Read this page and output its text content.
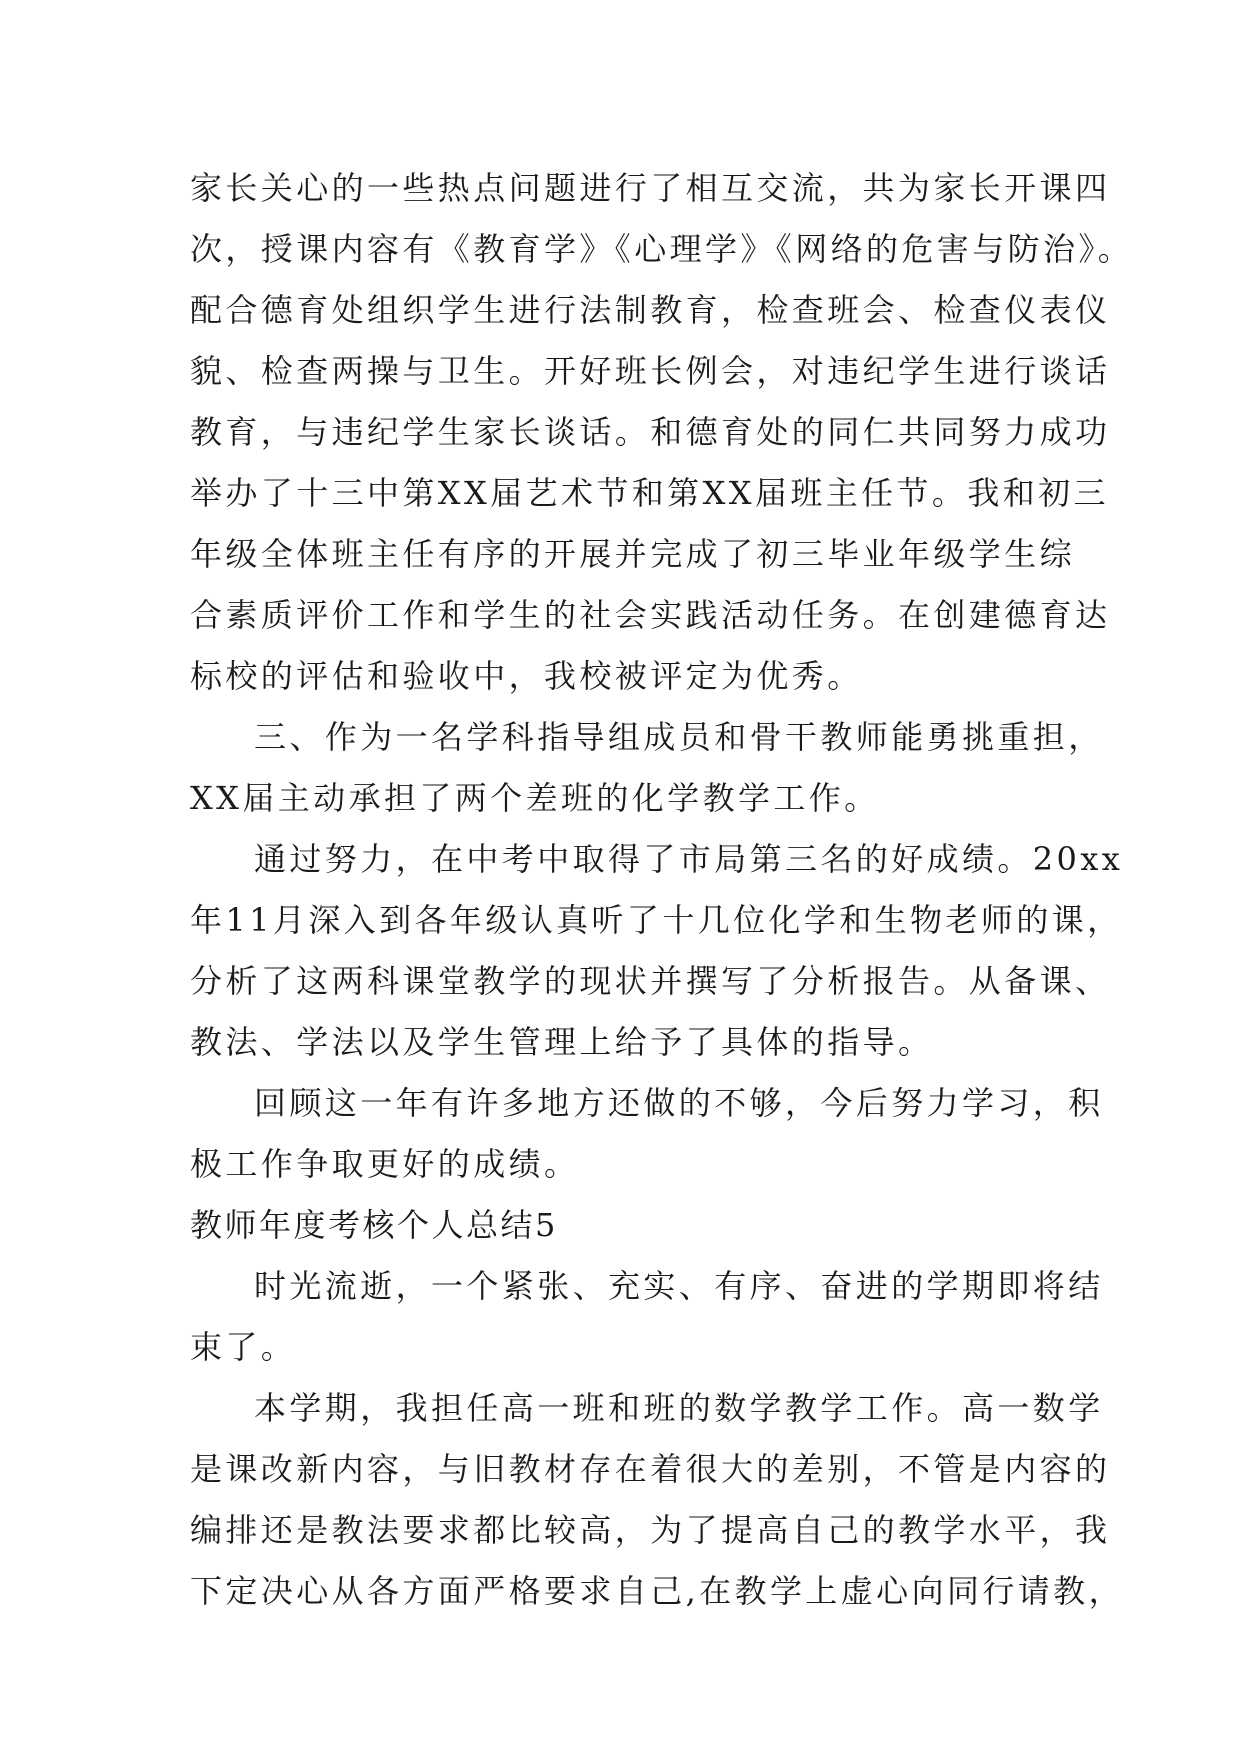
家长关心的一些热点问题进行了相互交流，共为家长开课四
次，授课内容有《教育学》《心理学》《网络的危害与防治》。
配合德育处组织学生进行法制教育，检查班会、检查仪表仪
貌、检查两操与卫生。开好班长例会，对违纪学生进行谈话
教育，与违纪学生家长谈话。和德育处的同仁共同努力成功
举办了十三中第XX届艺术节和第XX届班主任节。我和初三
年级全体班主任有序的开展并完成了初三毕业年级学生综
合素质评价工作和学生的社会实践活动任务。在创建德育达
标校的评估和验收中，我校被评定为优秀。
三、作为一名学科指导组成员和骨干教师能勇挑重担，
XX届主动承担了两个差班的化学教学工作。
通过努力，在中考中取得了市局第三名的好成绩。20xx
年11月深入到各年级认真听了十几位化学和生物老师的课，
分析了这两科课堂教学的现状并撰写了分析报告。从备课、
教法、学法以及学生管理上给予了具体的指导。
回顾这一年有许多地方还做的不够，今后努力学习，积
极工作争取更好的成绩。
教师年度考核个人总结5
时光流逝，一个紧张、充实、有序、奋进的学期即将结
束了。
本学期，我担任高一班和班的数学教学工作。高一数学
是课改新内容，与旧教材存在着很大的差别，不管是内容的
编排还是教法要求都比较高，为了提高自己的教学水平，我
下定决心从各方面严格要求自己,在教学上虚心向同行请教，
